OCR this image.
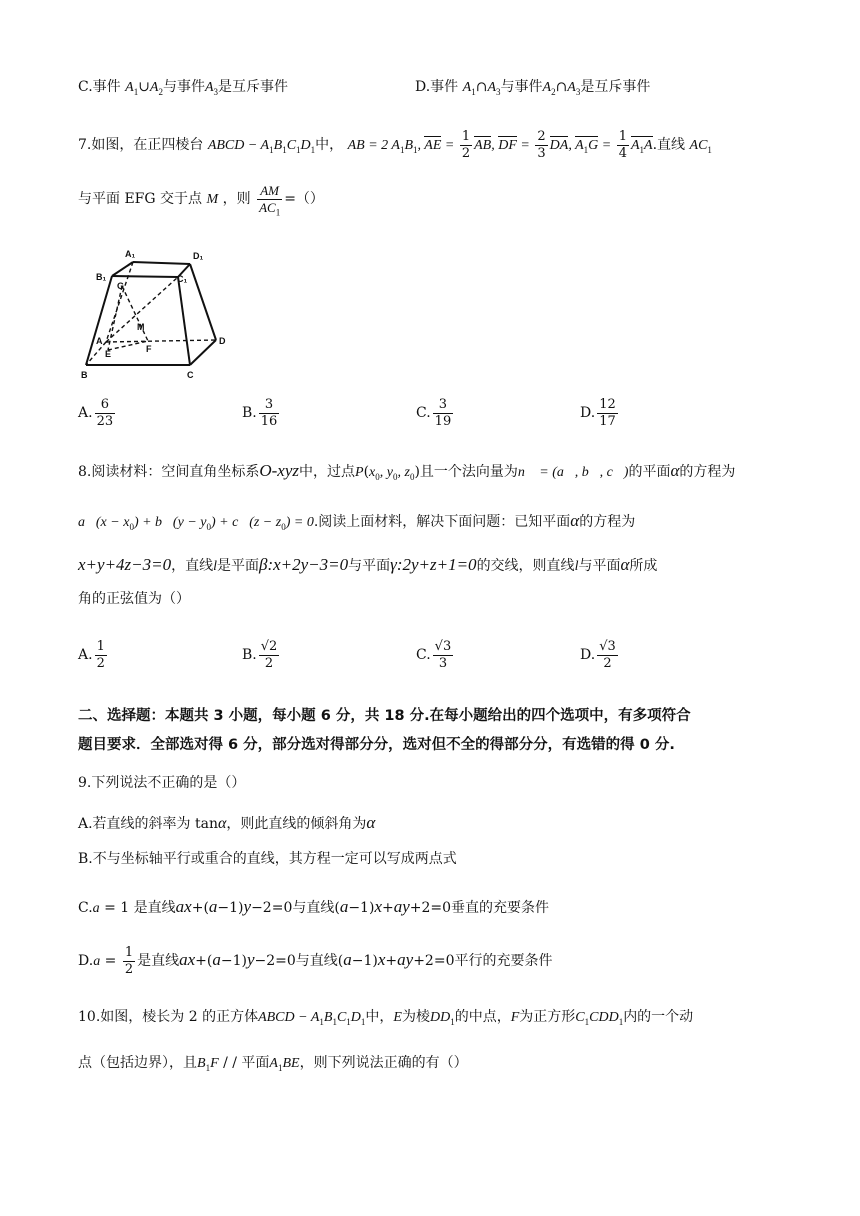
C.事件 $A_1\cup A_2$与事件$A_3$是互斥事件	D.事件 $A_1\cap A_3$与事件$A_2\cap A_3$是互斥事件
7.如图，在正四棱台 ABCD − $A_1B_1C_1D_1$中， AB = 2 $A_1B_1$, AE = $\frac{1}{2}$ AB, DF = $\frac{2}{3}$ DA, $A_1G = \frac{1}{4} A_1A$.直线 $AC_1$
与平面 EFG 交于点 M ，则 $\frac{AM}{AC_1}$ =（）
A₁	D₁
B₁
G
C₁
M
A
E	F
D
B	C
A. $\frac{6}{23}$	B. $\frac{3}{16}$	C. $\frac{3}{19}$	D. $\frac{12}{17}$
8.阅读材料：空间直角坐标系O-xyz中，过点$P(x_0$, $y_0$, $z_0$)且一个法向量为n⃗ = (a⃗, b⃗, c⃗)的平面α的方程为
a⃗(x − $x_0$) + b⃗(y − $y_0$) + c⃗(z − $z_0) = 0$.阅读上面材料，解决下面问题：已知平面α的方程为
x+y+4z−3=0，直线l是平面β:x+2y−3=0与平面γ:2y+z+1=0的交线，则直线l与平面α所成
角的正弦值为（）
A. $\frac{1}{2}$	B. $\frac{√2}{2}$	C. $\frac{√3}{3}$	D. $\frac{√3}{2}$
二、选择题：本题共 3 小题，每小题 6 分，共 18 分.在每小题给出的四个选项中，有多项符合
题目要求．全部选对得 6 分，部分选对得部分分，选对但不全的得部分分，有选错的得 0 分.
9.下列说法不正确的是（）
A.若直线的斜率为 tanα，则此直线的倾斜角为α
B.不与坐标轴平行或重合的直线，其方程一定可以写成两点式
C.a = 1 是直线ax+(a−1)y−2=0与直线(a−1)x+ay+2=0垂直的充要条件
$D.a = \frac{1}{2}$ 是直线ax+(a−1)y−2=0与直线(a−1)x+ay+2=0平行的充要条件
10.如图，棱长为 2 的正方体ABCD − $A_1B_1C_1D_1$中，E为棱$DD_1$的中点，F为正方形$C_1CDD_1$内的一个动
点（包括边界），且$B_1F$ / / 平面$A_1BE$，则下列说法正确的有（）
